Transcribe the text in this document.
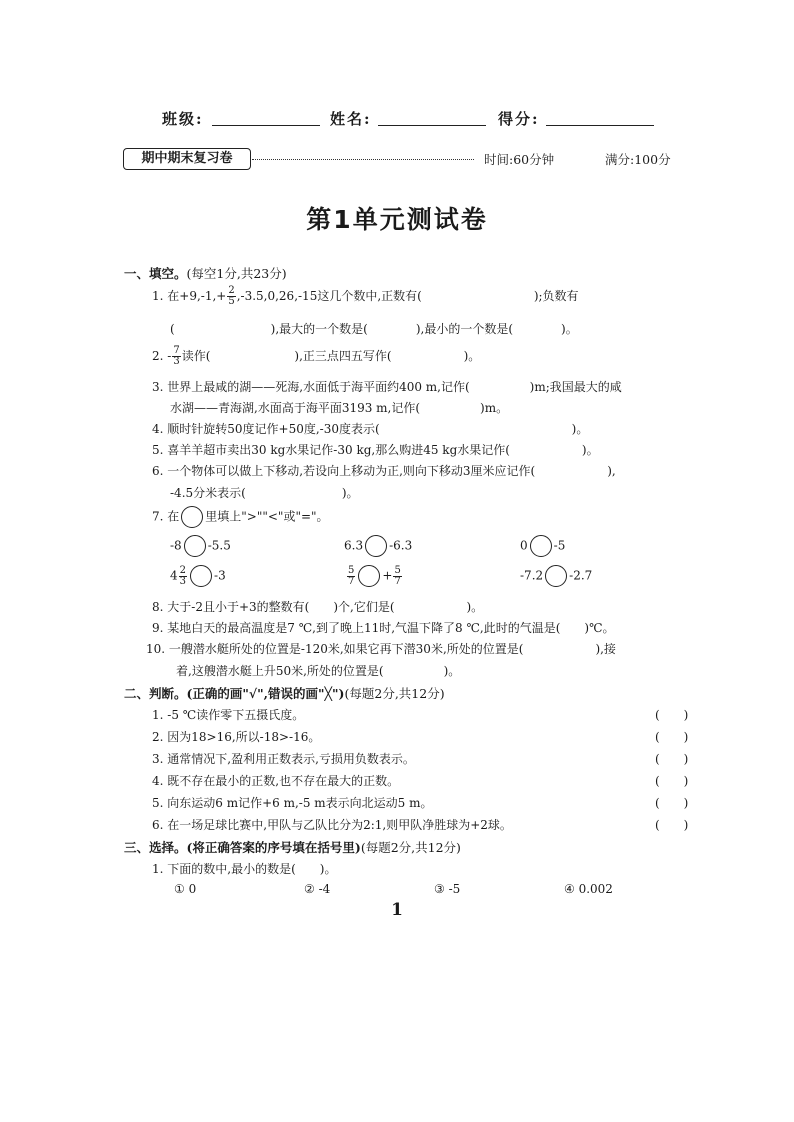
班级:	姓名:	得分:
期中期末复习卷	时间:60分钟	满分:100分
第1单元测试卷
一、填空。(每空1分,共23分)
1. 在$+9,-1,+ \frac{2}{5} ,-3.5,0,26,-15$这几个数中,正数有(	);负数有
(　　　　　　　　),最大的一个数是(　　　　),最小的一个数是(　　　　)。
2. - $\frac{7}{3}$ 读作(　　　　　　　),正三点四五写作(　　　　　　)。
3. 世界上最咸的湖——死海,水面低于海平面约400 m,记作(　　　　　)m;我国最大的咸
水湖——青海湖,水面高于海平面3193 m,记作(　　　　　)m。
4. 顺时针旋转50度记作+50度,-30度表示(　　　　　　　　　　　　　　　　)。
5. 喜羊羊超市卖出30 kg水果记作-30 kg,那么购进45 kg水果记作(　　　　　　)。
6. 一个物体可以做上下移动,若设向上移动为正,则向下移动3厘米应记作(　　　　　　),
-4.5分米表示(　　　　　　　　)。
7. 在 里填上">""<"或"="。
-8 -5.5	6.3 -6.3	0 -5
$4 \frac{2}{3} -3$	$\frac{5}{7} + \frac{5}{7}$	-7.2 -2.7
8. 大于-2且小于+3的整数有(　　)个,它们是(　　　　　　)。
9. 某地白天的最高温度是7 ℃,到了晚上11时,气温下降了8 ℃,此时的气温是(　　)℃。
10. 一艘潜水艇所处的位置是-120米,如果它再下潜30米,所处的位置是(　　　　　　),接
着,这艘潜水艇上升50米,所处的位置是(　　　　　)。
二、判断。(正确的画"√",错误的画"╳")(每题2分,共12分)
1. -5 ℃读作零下五摄氏度。	(　　)
2. 因为18>16,所以-18>-16。	(　　)
3. 通常情况下,盈利用正数表示,亏损用负数表示。	(　　)
4. 既不存在最小的正数,也不存在最大的正数。	(　　)
5. 向东运动6 m记作+6 m,-5 m表示向北运动5 m。	(　　)
6. 在一场足球比赛中,甲队与乙队比分为2:1,则甲队净胜球为+2球。	(　　)
三、选择。(将正确答案的序号填在括号里)(每题2分,共12分)
1. 下面的数中,最小的数是(　　)。
① 0	② -4	③ -5	④ 0.002
1
